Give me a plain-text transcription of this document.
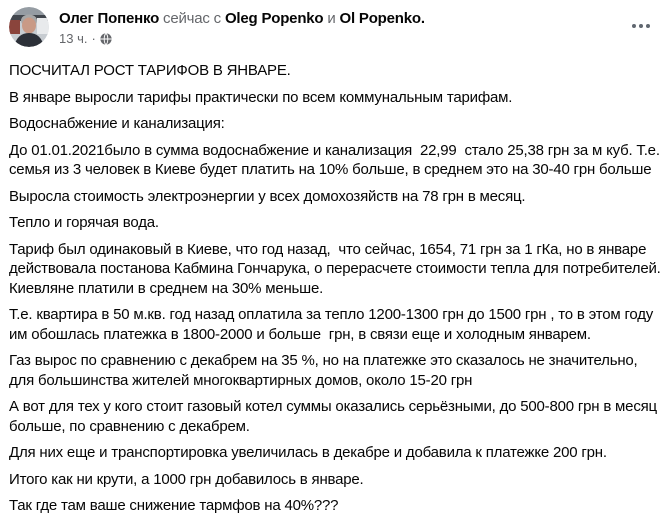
Олег Попенко сейчас с Oleg Popenko и Ol Popenko.
13 ч. ·

ПОСЧИТАЛ РОСТ ТАРИФОВ В ЯНВАРЕ.

В январе выросли тарифы практически по всем коммунальным тарифам.

Водоснабжение и канализация:

До 01.01.2021было в сумма водоснабжение и канализация  22,99  стало 25,38 грн за м куб. Т.е. семья из 3 человек в Киеве будет платить на 10% больше, в среднем это на 30-40 грн больше

Выросла стоимость электроэнергии у всех домохозяйств на 78 грн в месяц.

Тепло и горячая вода.

Тариф был одинаковый в Киеве, что год назад,  что сейчас, 1654, 71 грн за 1 гКа, но в январе действовала постанова Кабмина Гончарука, о перерасчете стоимости тепла для потребителей. Киевляне платили в среднем на 30% меньше.

Т.е. квартира в 50 м.кв. год назад оплатила за тепло 1200-1300 грн до 1500 грн , то в этом году им обошлась платежка в 1800-2000 и больше  грн, в связи еще и холодным январем.

Газ вырос по сравнению с декабрем на 35 %, но на платежке это сказалось не значительно, для большинства жителей многоквартирных домов, около 15-20 грн

А вот для тех у кого стоит газовый котел суммы оказались серьёзными, до 500-800 грн в месяц больше, по сравнению с декабрем.

Для них еще и транспортировка увеличилась в декабре и добавила к платежке 200 грн.

Итого как ни крути, а 1000 грн добавилось в январе.

Так где там ваше снижение тармфов на 40%???
